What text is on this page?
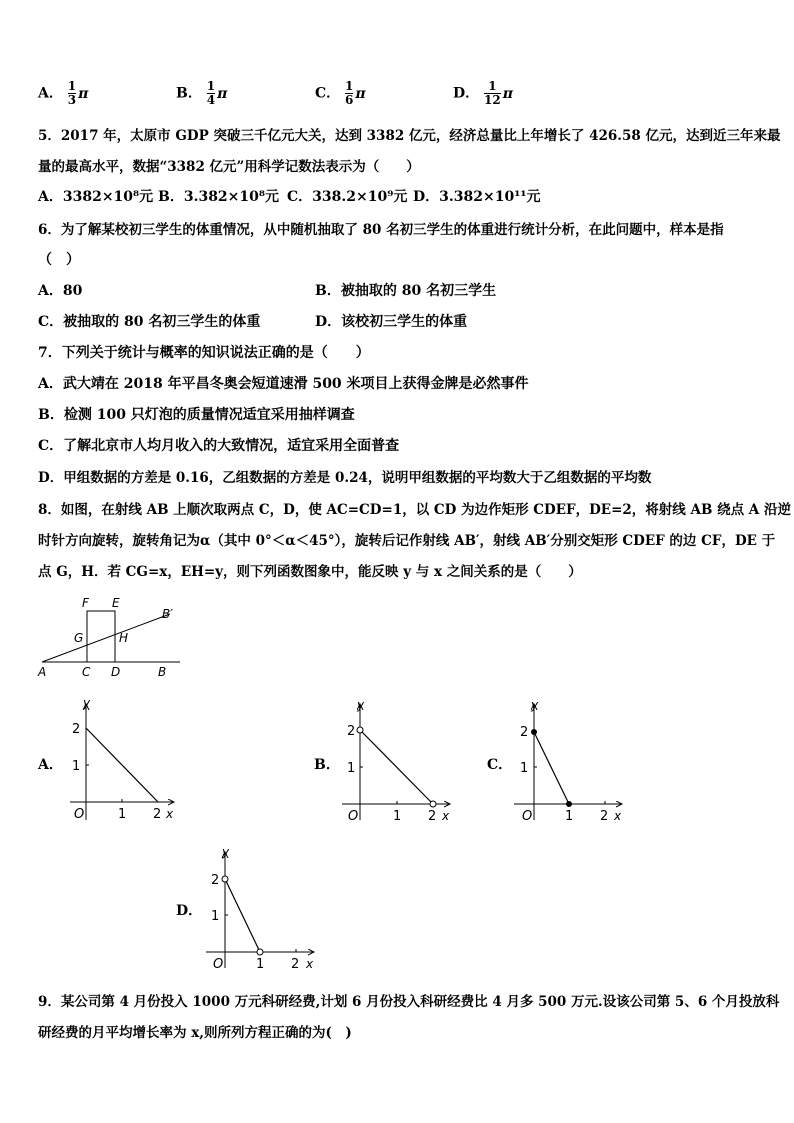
A． $\frac{1}{3}$ π	B． $\frac{1}{4}$ π	C． $\frac{1}{6}$ π	D． $\frac{1}{12}$ π
5．2017 年，太原市 GDP 突破三千亿元大关，达到 3382 亿元，经济总量比上年增长了 426.58 亿元，达到近三年来最
量的最高水平，数据“3382 亿元”用科学记数法表示为（　　）
A．3382×10⁸元 B．3.382×10⁸元 C．338.2×10⁹元 D．3.382×10¹¹元
6．为了解某校初三学生的体重情况，从中随机抽取了 80 名初三学生的体重进行统计分析，在此问题中，样本是指
（　）
A．80	B．被抽取的 80 名初三学生
C．被抽取的 80 名初三学生的体重	D．该校初三学生的体重
7．下列关于统计与概率的知识说法正确的是（　　）
A．武大靖在 2018 年平昌冬奥会短道速滑 500 米项目上获得金牌是必然事件
B．检测 100 只灯泡的质量情况适宜采用抽样调查
C．了解北京市人均月收入的大致情况，适宜采用全面普查
D．甲组数据的方差是 0.16，乙组数据的方差是 0.24，说明甲组数据的平均数大于乙组数据的平均数
8．如图，在射线 AB 上顺次取两点 C，D，使 AC=CD=1，以 CD 为边作矩形 CDEF，DE=2，将射线 AB 绕点 A 沿逆
时针方向旋转，旋转角记为α（其中 0°＜α＜45°），旋转后记作射线 AB′，射线 AB′分别交矩形 CDEF 的边 CF，DE 于
点 G，H．若 CG=x，EH=y，则下列函数图象中，能反映 y 与 x 之间关系的是（　　）
F E
B′
G	H
A	C D	B
A．	B．	C．
D．
y
x
O	1 2
1
2
y
x
O	1 2
1
2
y
x
O	1 2
1
2
y
x
O	1 2
1
2
9．某公司第 4 月份投入 1000 万元科研经费,计划 6 月份投入科研经费比 4 月多 500 万元.设该公司第 5、6 个月投放科
研经费的月平均增长率为 x,则所列方程正确的为(　)
